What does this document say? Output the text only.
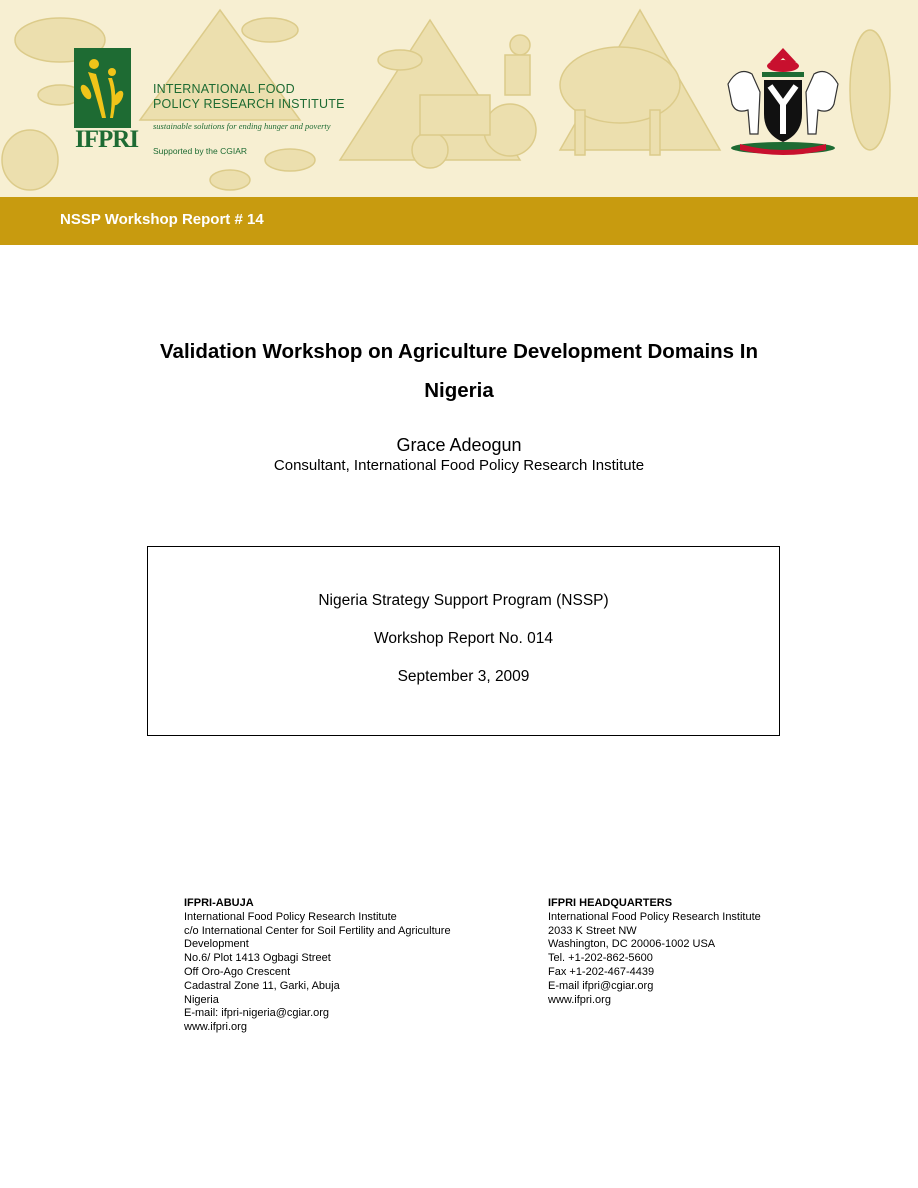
IFPRI
INTERNATIONAL FOOD
POLICY RESEARCH INSTITUTE
sustainable solutions for ending hunger and poverty
Supported by the CGIAR
NSSP Workshop Report # 14
Validation Workshop on Agriculture Development Domains In
Nigeria
Grace Adeogun
Consultant, International Food Policy Research Institute
Nigeria Strategy Support Program (NSSP)
Workshop Report No. 014
September 3, 2009
IFPRI-ABUJA
International Food Policy Research Institute
c/o International Center for Soil Fertility and Agriculture
Development
No.6/ Plot 1413 Ogbagi Street
Off Oro-Ago Crescent
Cadastral Zone 11, Garki, Abuja
Nigeria
E-mail: ifpri-nigeria@cgiar.org
www.ifpri.org
IFPRI HEADQUARTERS
International Food Policy Research Institute
2033 K Street NW
Washington, DC 20006-1002 USA
Tel. +1-202-862-5600
Fax +1-202-467-4439
E-mail ifpri@cgiar.org
www.ifpri.org
